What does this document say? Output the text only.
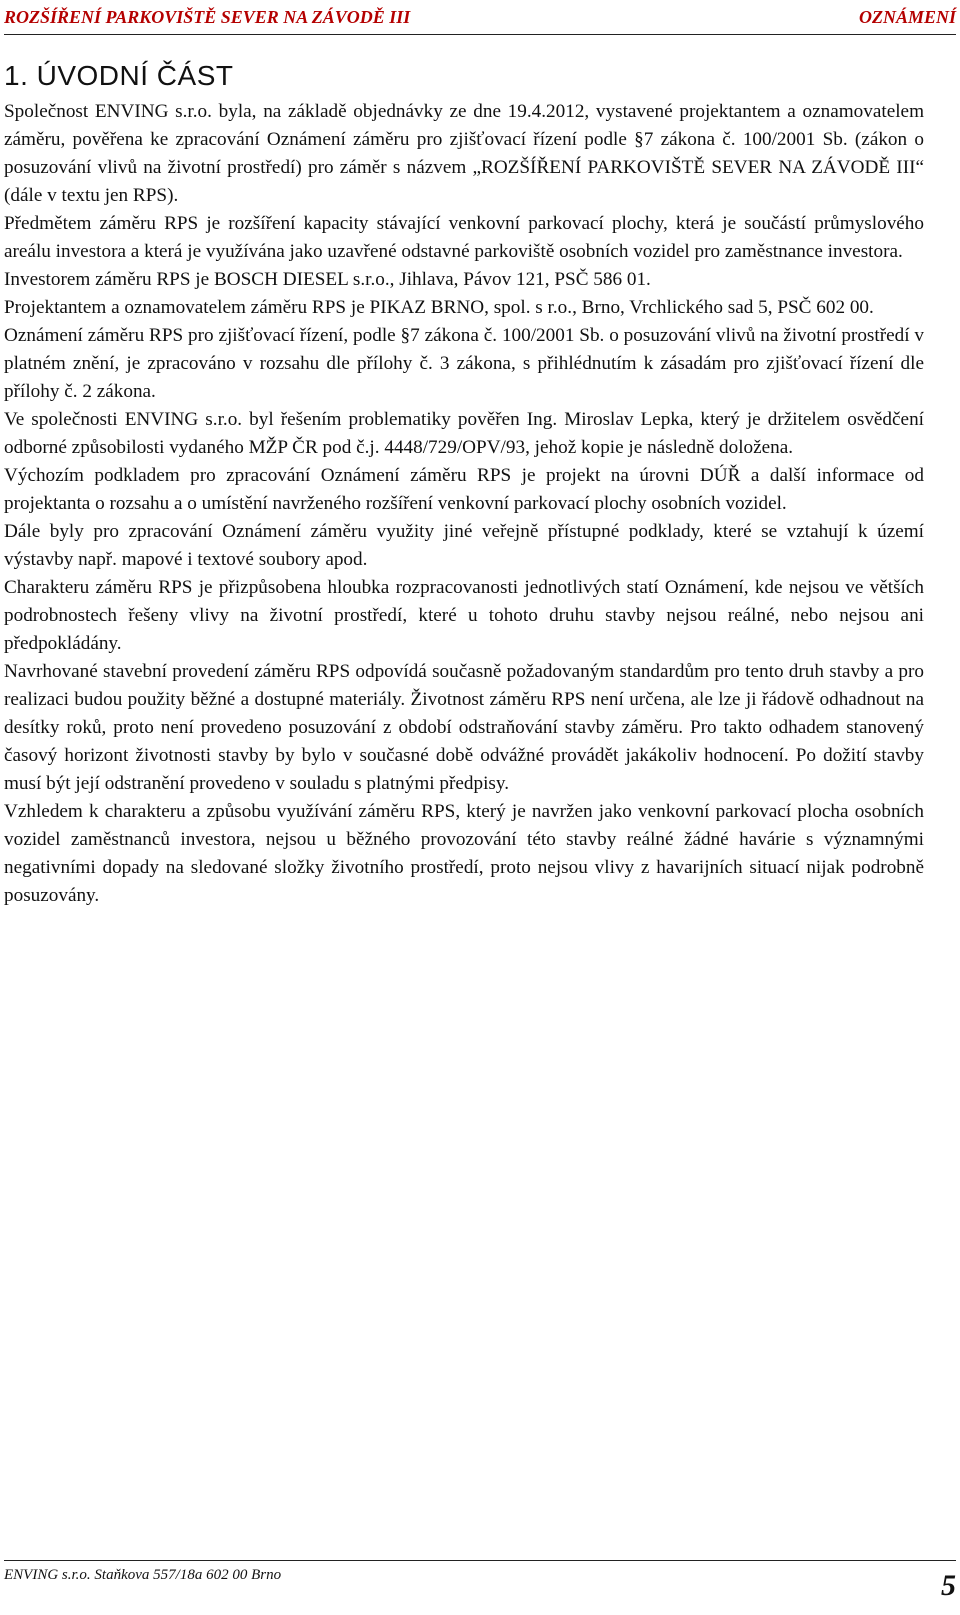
ROZŠÍŘENÍ PARKOVIŠTĚ SEVER NA ZÁVODĚ III	OZNÁMENÍ
1. ÚVODNÍ ČÁST

Společnost ENVING s.r.o. byla, na základě objednávky ze dne 19.4.2012, vystavené projektantem a oznamovatelem záměru, pověřena ke zpracování Oznámení záměru pro zjišťovací řízení podle §7 zákona č. 100/2001 Sb. (zákon o posuzování vlivů na životní prostředí) pro záměr s názvem „ROZŠÍŘENÍ PARKOVIŠTĚ SEVER NA ZÁVODĚ III“ (dále v textu jen RPS).

Předmětem záměru RPS je rozšíření kapacity stávající venkovní parkovací plochy, která je součástí průmyslového areálu investora a která je využívána jako uzavřené odstavné parkoviště osobních vozidel pro zaměstnance investora.

Investorem záměru RPS je BOSCH DIESEL s.r.o., Jihlava, Pávov 121, PSČ 586 01.

Projektantem a oznamovatelem záměru RPS je PIKAZ BRNO, spol. s r.o., Brno, Vrchlického sad 5, PSČ 602 00.

Oznámení záměru RPS pro zjišťovací řízení, podle §7 zákona č. 100/2001 Sb. o posuzování vlivů na životní prostředí v platném znění, je zpracováno v rozsahu dle přílohy č. 3 zákona, s přihlédnutím k zásadám pro zjišťovací řízení dle přílohy č. 2 zákona.

Ve společnosti ENVING s.r.o. byl řešením problematiky pověřen Ing. Miroslav Lepka, který je držitelem osvědčení odborné způsobilosti vydaného MŽP ČR pod č.j. 4448/729/OPV/93, jehož kopie je následně doložena.

Výchozím podkladem pro zpracování Oznámení záměru RPS je projekt na úrovni DÚŘ a další informace od projektanta o rozsahu a o umístění navrženého rozšíření venkovní parkovací plochy osobních vozidel.

Dále byly pro zpracování Oznámení záměru využity jiné veřejně přístupné podklady, které se vztahují k území výstavby např. mapové i textové soubory apod.

Charakteru záměru RPS je přizpůsobena hloubka rozpracovanosti jednotlivých statí Oznámení, kde nejsou ve větších podrobnostech řešeny vlivy na životní prostředí, které u tohoto druhu stavby nejsou reálné, nebo nejsou ani předpokládány.

Navrhované stavební provedení záměru RPS odpovídá současně požadovaným standardům pro tento druh stavby a pro realizaci budou použity běžné a dostupné materiály. Životnost záměru RPS není určena, ale lze ji řádově odhadnout na desítky roků, proto není provedeno posuzování z období odstraňování stavby záměru. Pro takto odhadem stanovený časový horizont životnosti stavby by bylo v současné době odvážné provádět jakákoliv hodnocení. Po dožití stavby musí být její odstranění provedeno v souladu s platnými předpisy.

Vzhledem k charakteru a způsobu využívání záměru RPS, který je navržen jako venkovní parkovací plocha osobních vozidel zaměstnanců investora, nejsou u běžného provozování této stavby reálné žádné havárie s významnými negativními dopady na sledované složky životního prostředí, proto nejsou vlivy z havarijních situací nijak podrobně posuzovány.

ENVING s.r.o. Staňkova 557/18a 602 00 Brno	5
